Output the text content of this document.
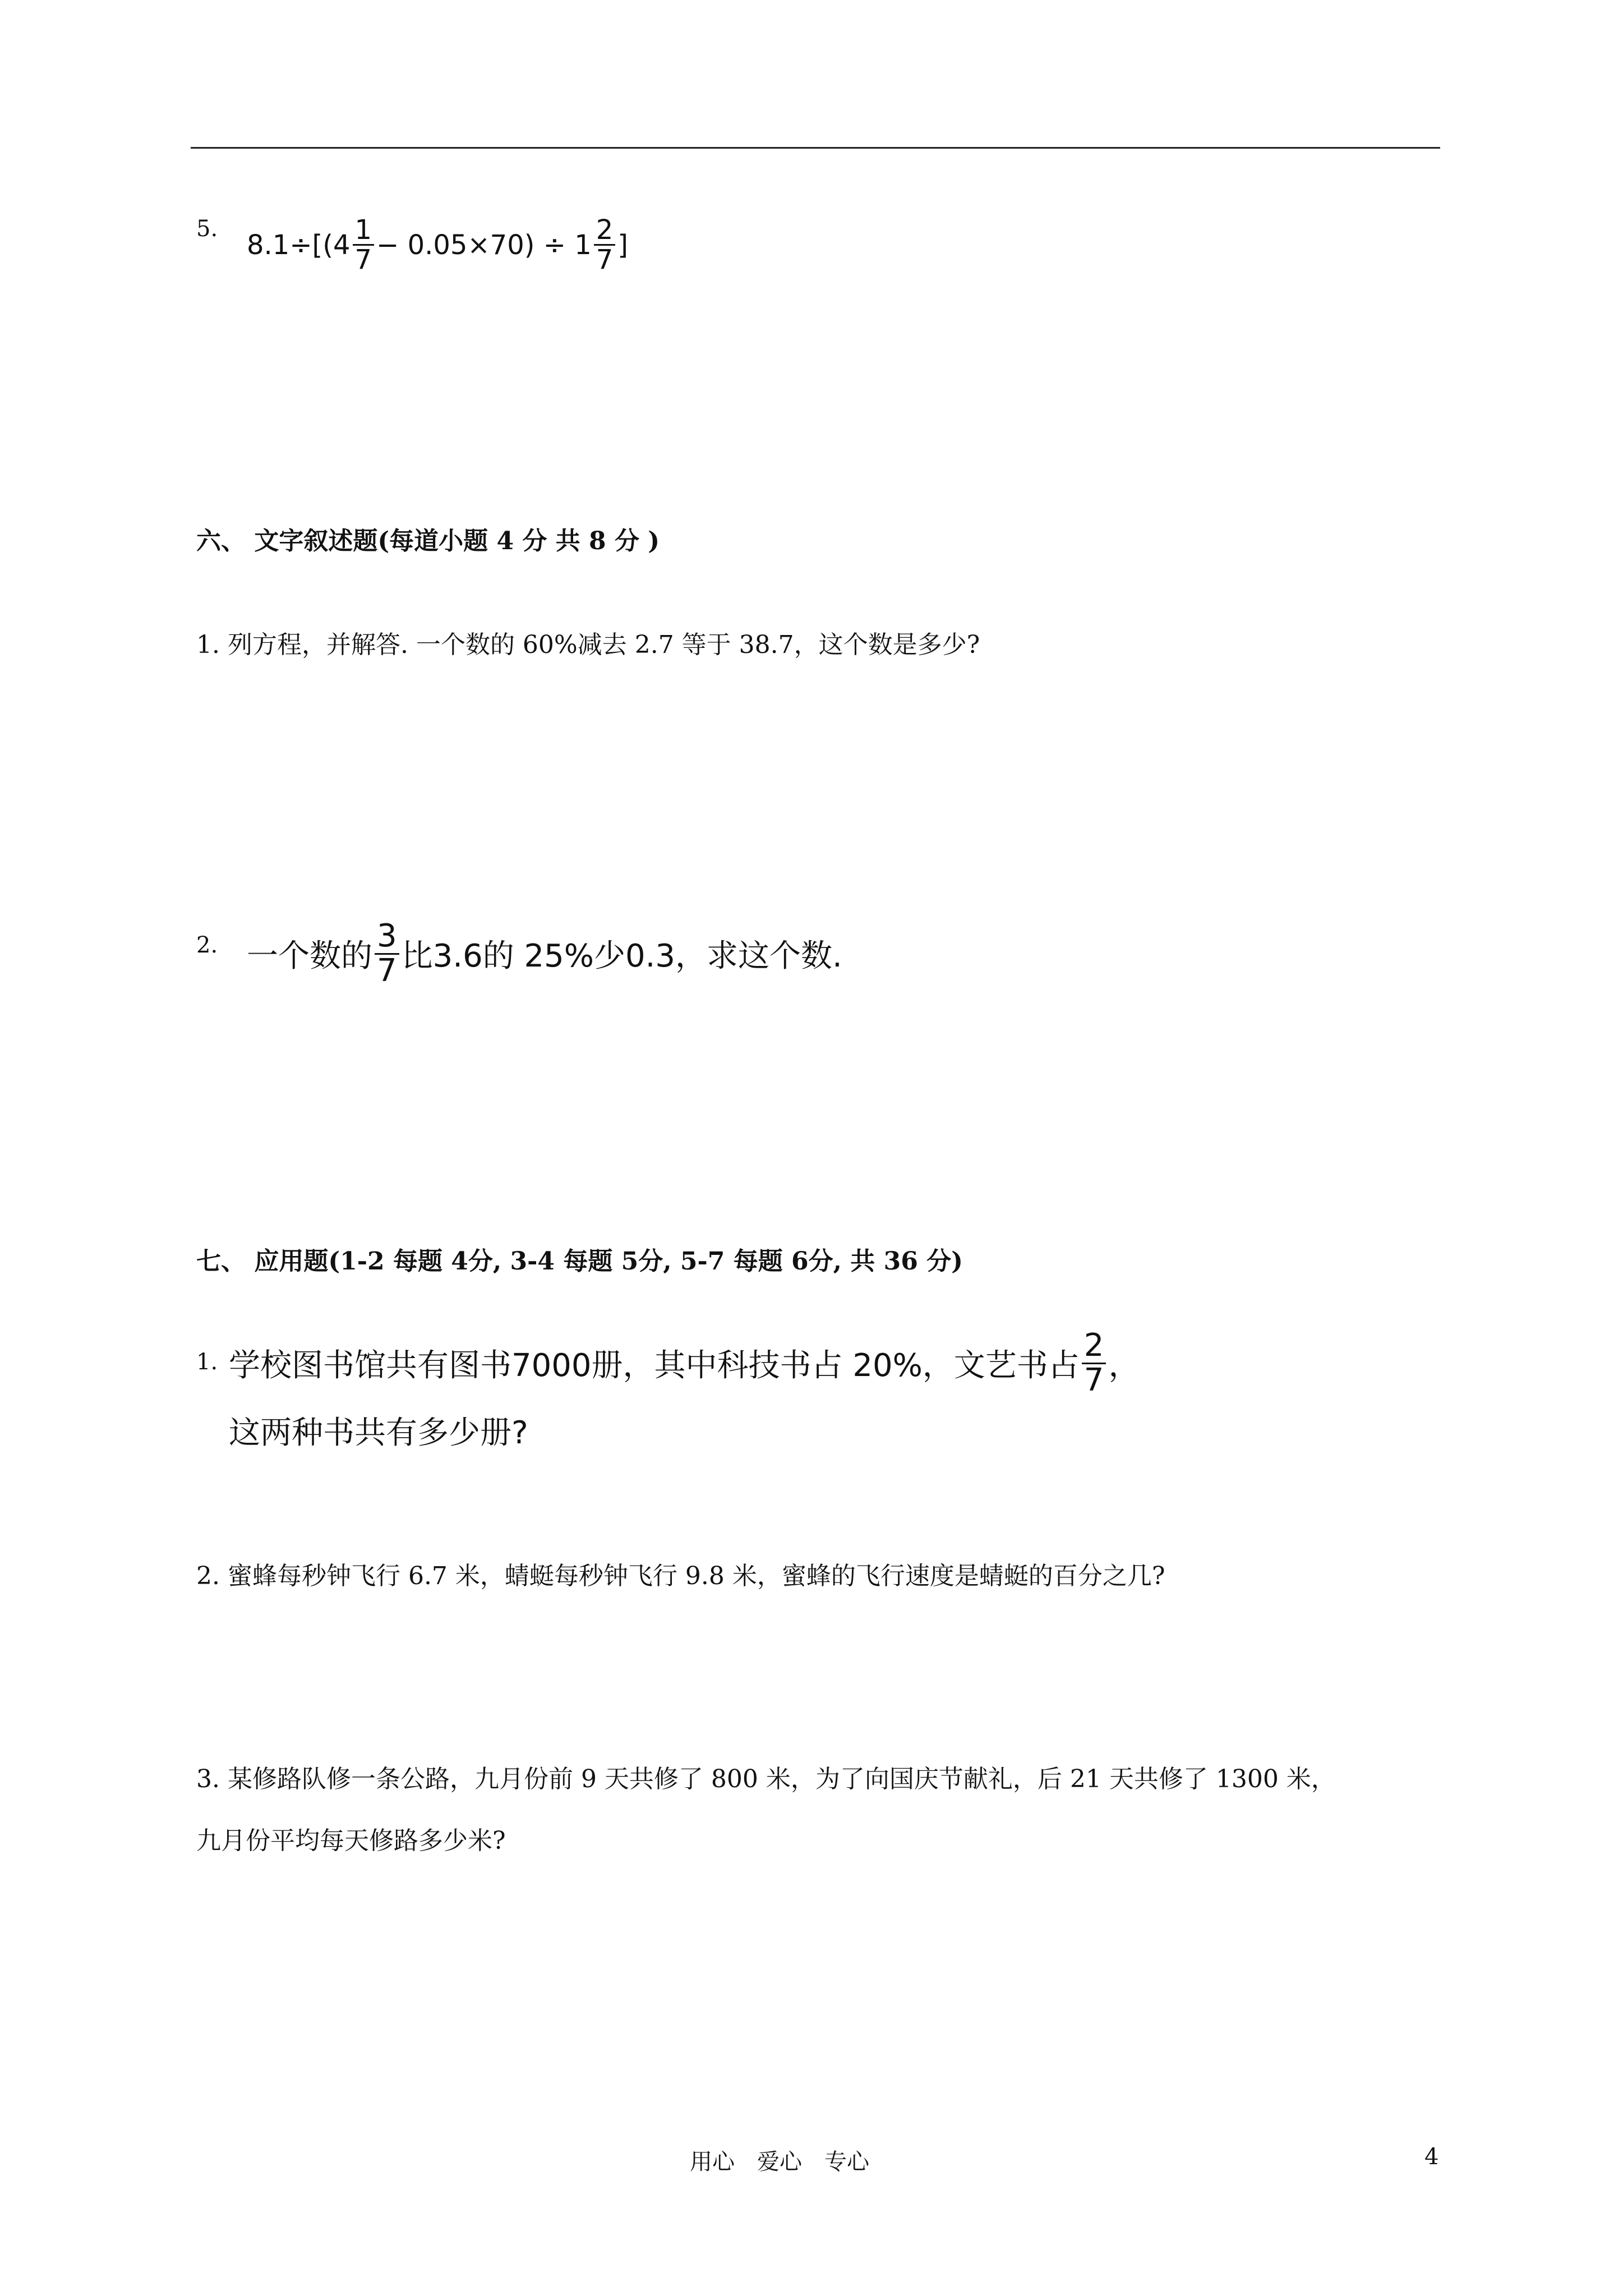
5.
$8.1\div[(4 \frac{1}{7} - 0.05\times 70) \div 1 \frac{2}{7}$ ]
六、 文字叙述题(每道小题 4 分 共 8 分 )
1. 列方程，并解答. 一个数的 60%减去 2.7 等于 38.7，这个数是多少?
2. 一个数的 $\frac{3}{7}$ 比3.6的 25%少0.3，求这个数.
七、 应用题(1-2 每题 4分, 3-4 每题 5分, 5-7 每题 6分, 共 36 分)
1. 学校图书馆共有图书7000册，其中科技书占 20%，文艺书占 $\frac{2}{7}$ ，
这两种书共有多少册?
2. 蜜蜂每秒钟飞行 6.7 米，蜻蜓每秒钟飞行 9.8 米，蜜蜂的飞行速度是蜻蜓的百分之几?
3. 某修路队修一条公路，九月份前 9 天共修了 800 米，为了向国庆节献礼，后 21 天共修了 1300 米，
九月份平均每天修路多少米?
用心　爱心　专心	4
